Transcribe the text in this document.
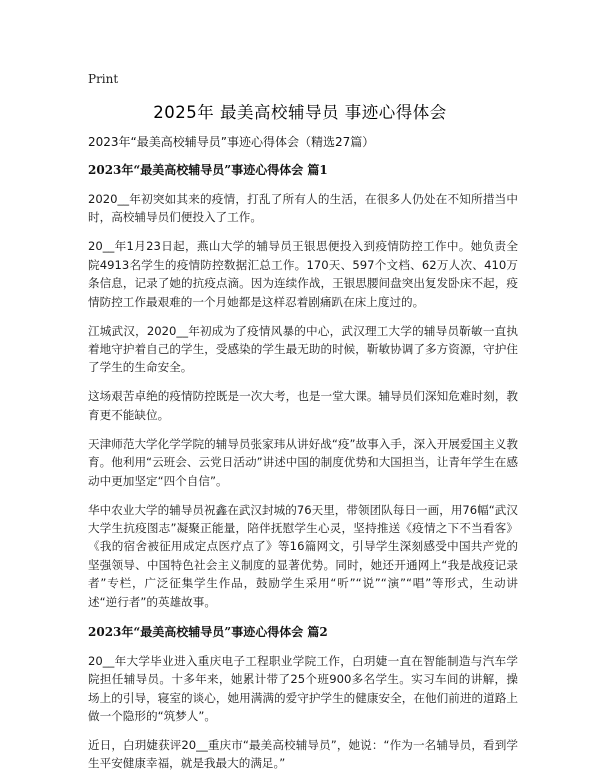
Print
2025年 最美高校辅导员 事迹心得体会

2023年“最美高校辅导员”事迹心得体会（精选27篇）

2023年“最美高校辅导员”事迹心得体会 篇1

2020__年初突如其来的疫情，打乱了所有人的生活，在很多人仍处在不知所措当中时，高校辅导员们便投入了工作。

20__年1月23日起，燕山大学的辅导员王银思便投入到疫情防控工作中。她负责全院4913名学生的疫情防控数据汇总工作。170天、597个文档、62万人次、410万条信息，记录了她的抗疫点滴。因为连续作战，王银思腰间盘突出复发卧床不起，疫情防控工作最艰难的一个月她都是这样忍着剧痛趴在床上度过的。

江城武汉，2020__年初成为了疫情风暴的中心，武汉理工大学的辅导员靳敏一直执着地守护着自己的学生，受感染的学生最无助的时候，靳敏协调了多方资源，守护住了学生的生命安全。

这场艰苦卓绝的疫情防控既是一次大考，也是一堂大课。辅导员们深知危难时刻，教育更不能缺位。

天津师范大学化学学院的辅导员张家玮从讲好战“疫”故事入手，深入开展爱国主义教育。他利用“云班会、云党日活动”讲述中国的制度优势和大国担当，让青年学生在感动中更加坚定“四个自信”。

华中农业大学的辅导员祝鑫在武汉封城的76天里，带领团队每日一画，用76幅“武汉大学生抗疫图志”凝聚正能量，陪伴抚慰学生心灵，坚持推送《疫情之下不当看客》《我的宿舍被征用成定点医疗点了》等16篇网文，引导学生深刻感受中国共产党的坚强领导、中国特色社会主义制度的显著优势。同时，她还开通网上“我是战疫记录者”专栏，广泛征集学生作品，鼓励学生采用“听”“说”“演”“唱”等形式，生动讲述“逆行者”的英雄故事。

2023年“最美高校辅导员”事迹心得体会 篇2

20__年大学毕业进入重庆电子工程职业学院工作，白玥婕一直在智能制造与汽车学院担任辅导员。十多年来，她累计带了25个班900多名学生。实习车间的讲解，操场上的引导，寝室的谈心，她用满满的爱守护学生的健康安全，在他们前进的道路上做一个隐形的“筑梦人”。

近日，白玥婕获评20__重庆市“最美高校辅导员”，她说：“作为一名辅导员，看到学生平安健康幸福，就是我最大的满足。”
